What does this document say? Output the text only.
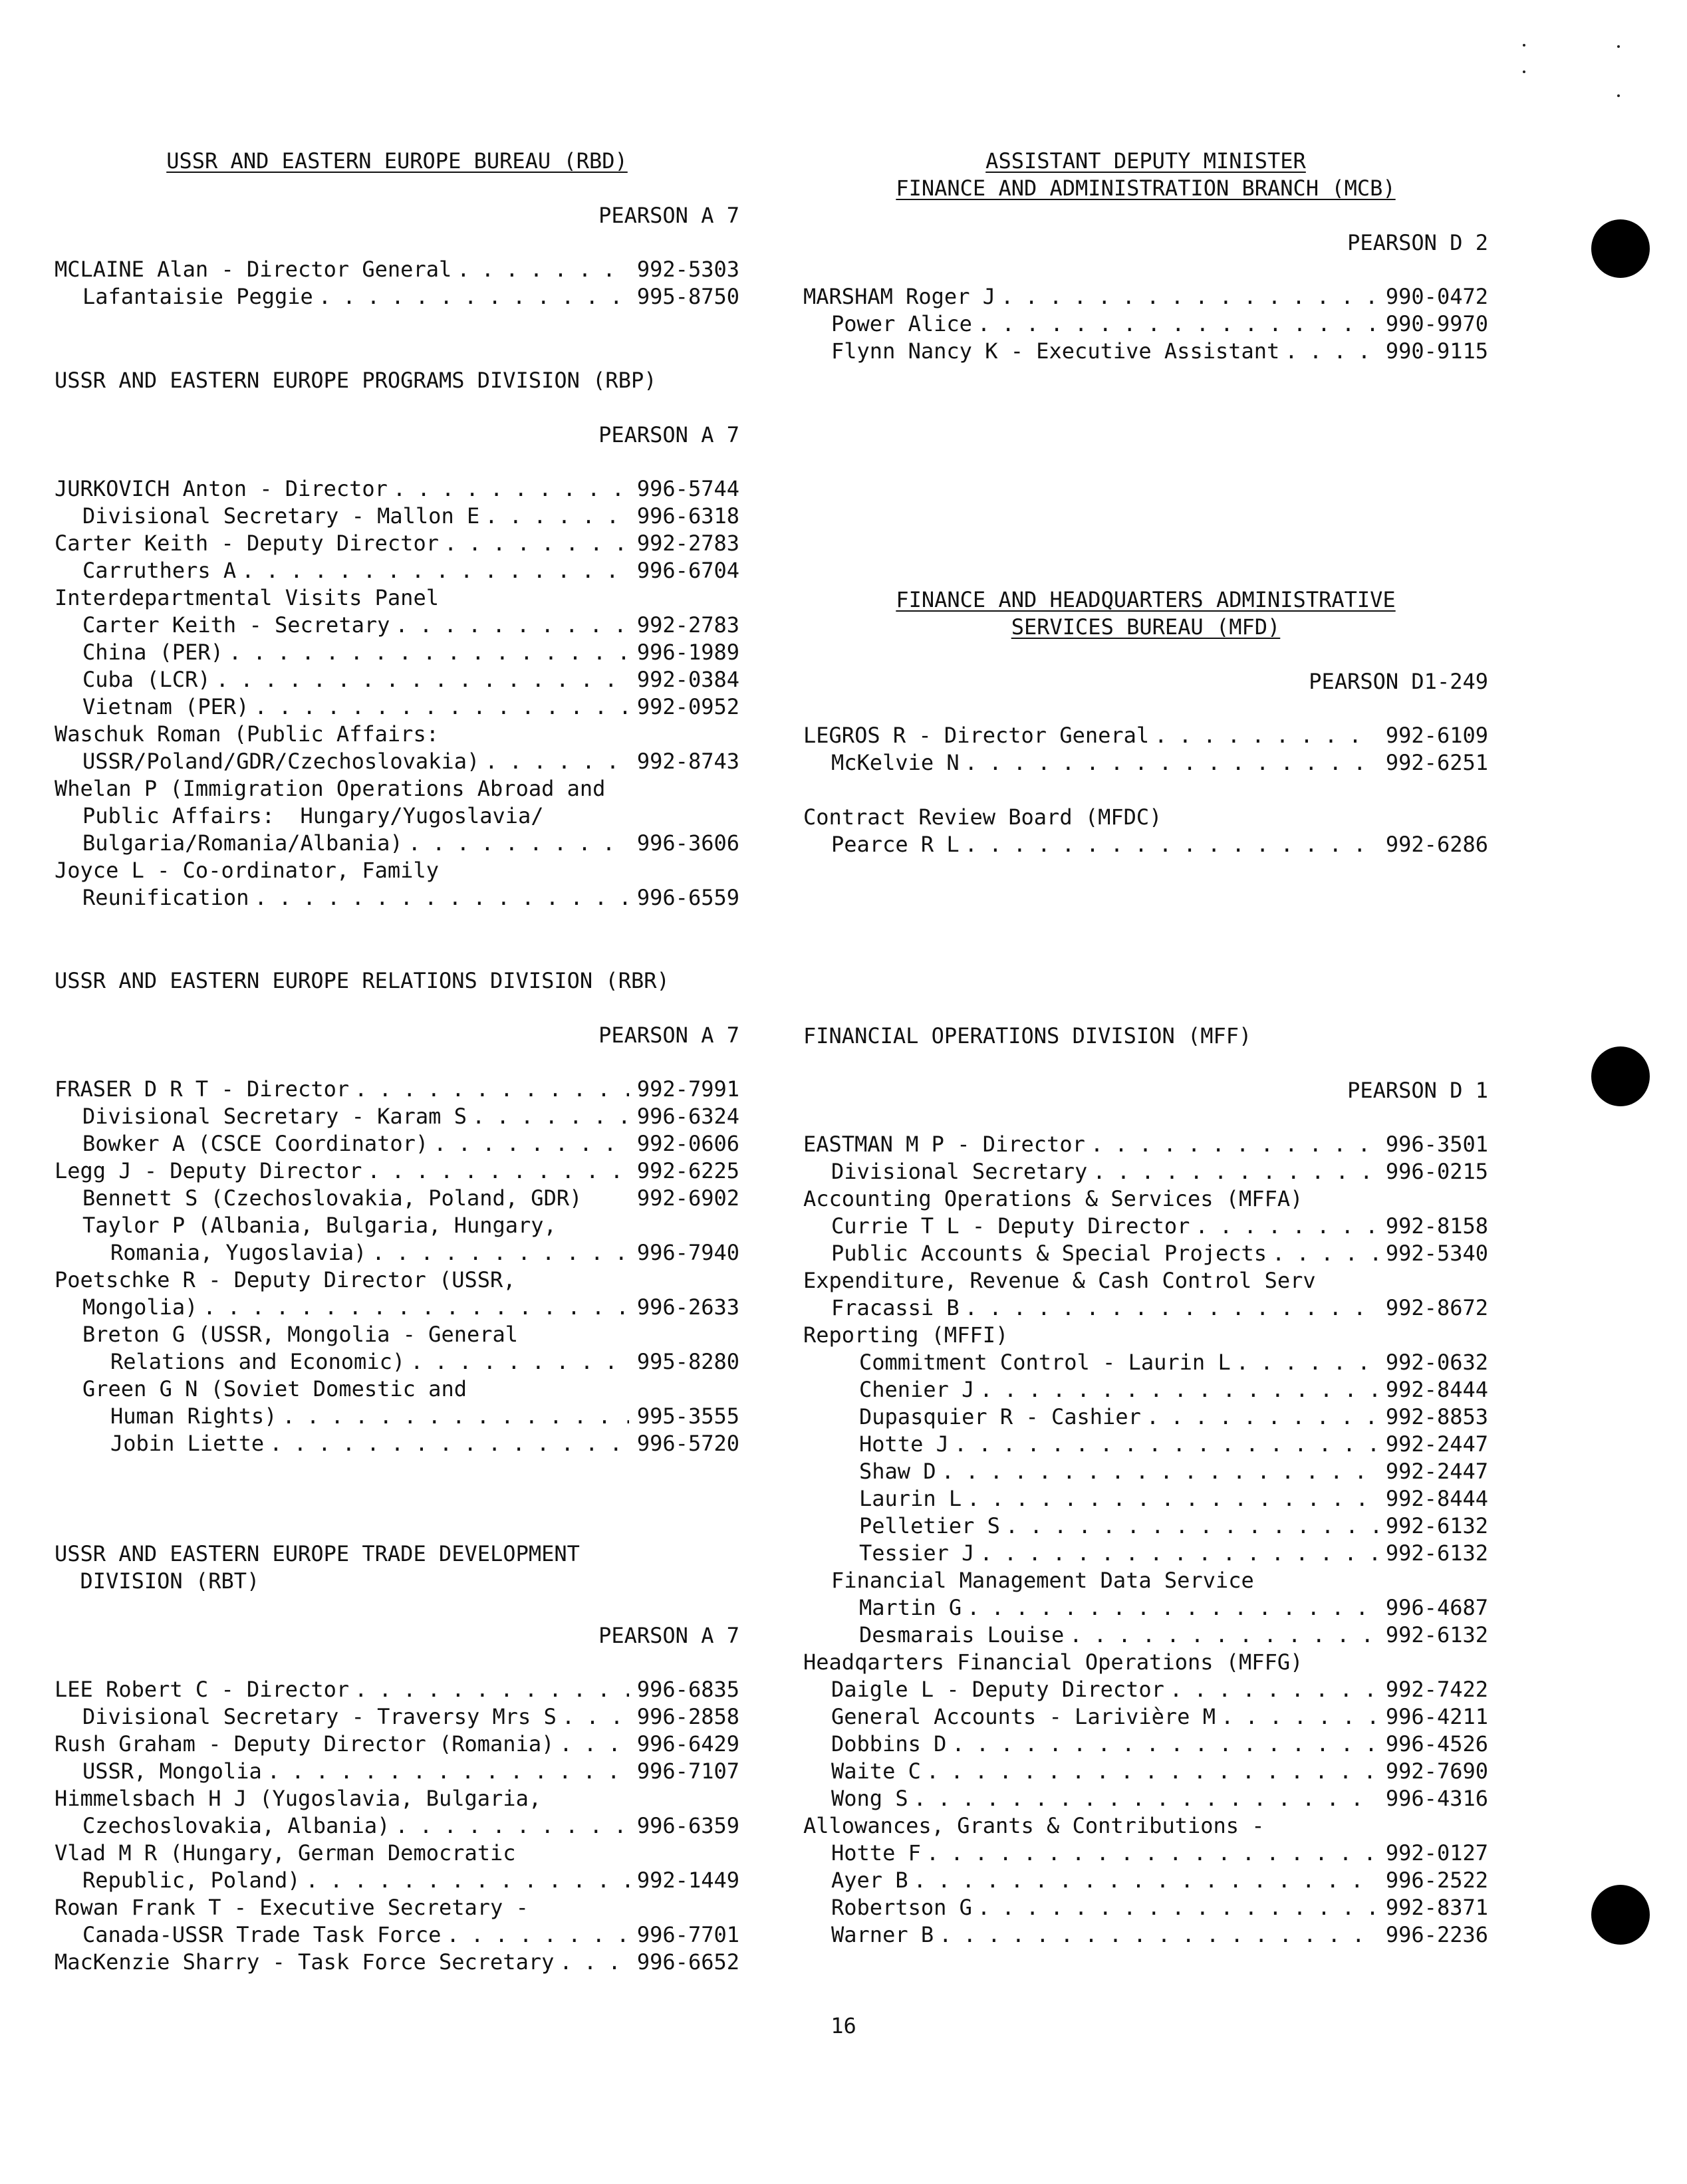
USSR AND EASTERN EUROPE BUREAU (RBD)
PEARSON A 7
MCLAINE Alan - Director General . . .	992-5303
Lafantaisie Peggie . . .	995-8750
USSR AND EASTERN EUROPE PROGRAMS DIVISION (RBP)
PEARSON A 7
JURKOVICH Anton - Director . . .	996-5744
Divisional Secretary - Mallon E . . .	996-6318
Carter Keith - Deputy Director . . .	992-2783
Carruthers A . . .	996-6704
Interdepartmental Visits Panel
Carter Keith - Secretary . . .	992-2783
China (PER) . . .	996-1989
Cuba (LCR) . . .	992-0384
Vietnam (PER) . . .	992-0952
Waschuk Roman (Public Affairs:
USSR/Poland/GDR/Czechoslovakia) . . .	992-8743
Whelan P (Immigration Operations Abroad and
Public Affairs:  Hungary/Yugoslavia/
Bulgaria/Romania/Albania) . . .	996-3606
Joyce L - Co-ordinator, Family
Reunification . . .	996-6559
USSR AND EASTERN EUROPE RELATIONS DIVISION (RBR)
PEARSON A 7
FRASER D R T - Director . . .	992-7991
Divisional Secretary - Karam S . . .	996-6324
Bowker A (CSCE Coordinator) . . .	992-0606
Legg J - Deputy Director . . .	992-6225
Bennett S (Czechoslovakia, Poland, GDR)	992-6902
Taylor P (Albania, Bulgaria, Hungary,
Romania, Yugoslavia) . . .	996-7940
Poetschke R - Deputy Director (USSR,
Mongolia) . . .	996-2633
Breton G (USSR, Mongolia - General
Relations and Economic) . . .	995-8280
Green G N (Soviet Domestic and
Human Rights) . . .	995-3555
Jobin Liette . . .	996-5720
USSR AND EASTERN EUROPE TRADE DEVELOPMENT
DIVISION (RBT)
PEARSON A 7
LEE Robert C - Director . . .	996-6835
Divisional Secretary - Traversy Mrs S . . .	996-2858
Rush Graham - Deputy Director (Romania) . . .	996-6429
USSR, Mongolia . . .	996-7107
Himmelsbach H J (Yugoslavia, Bulgaria,
Czechoslovakia, Albania) . . .	996-6359
Vlad M R (Hungary, German Democratic
Republic, Poland) . . .	992-1449
Rowan Frank T - Executive Secretary -
Canada-USSR Trade Task Force . . .	996-7701
MacKenzie Sharry - Task Force Secretary . . .	996-6652
ASSISTANT DEPUTY MINISTER
FINANCE AND ADMINISTRATION BRANCH (MCB)
PEARSON D 2
MARSHAM Roger J . . .	990-0472
Power Alice . . .	990-9970
Flynn Nancy K - Executive Assistant . . .	990-9115
FINANCE AND HEADQUARTERS ADMINISTRATIVE
SERVICES BUREAU (MFD)
PEARSON D1-249
LEGROS R - Director General . . .	992-6109
McKelvie N . . .	992-6251
Contract Review Board (MFDC)
Pearce R L . . .	992-6286
FINANCIAL OPERATIONS DIVISION (MFF)
PEARSON D 1
EASTMAN M P - Director . . .	996-3501
Divisional Secretary . . .	996-0215
Accounting Operations & Services (MFFA)
Currie T L - Deputy Director . . .	992-8158
Public Accounts & Special Projects . . .	992-5340
Expenditure, Revenue & Cash Control Serv
Fracassi B . . .	992-8672
Reporting (MFFI)
Commitment Control - Laurin L . . .	992-0632
Chenier J . . .	992-8444
Dupasquier R - Cashier . . .	992-8853
Hotte J . . .	992-2447
Shaw D . . .	992-2447
Laurin L . . .	992-8444
Pelletier S . . .	992-6132
Tessier J . . .	992-6132
Financial Management Data Service
Martin G . . .	996-4687
Desmarais Louise . . .	992-6132
Headqarters Financial Operations (MFFG)
Daigle L - Deputy Director . . .	992-7422
General Accounts - Larivière M . . .	996-4211
Dobbins D . . .	996-4526
Waite C . . .	992-7690
Wong S . . .	996-4316
Allowances, Grants & Contributions -
Hotte F . . .	992-0127
Ayer B . . .	996-2522
Robertson G . . .	992-8371
Warner B . . .	996-2236
16
